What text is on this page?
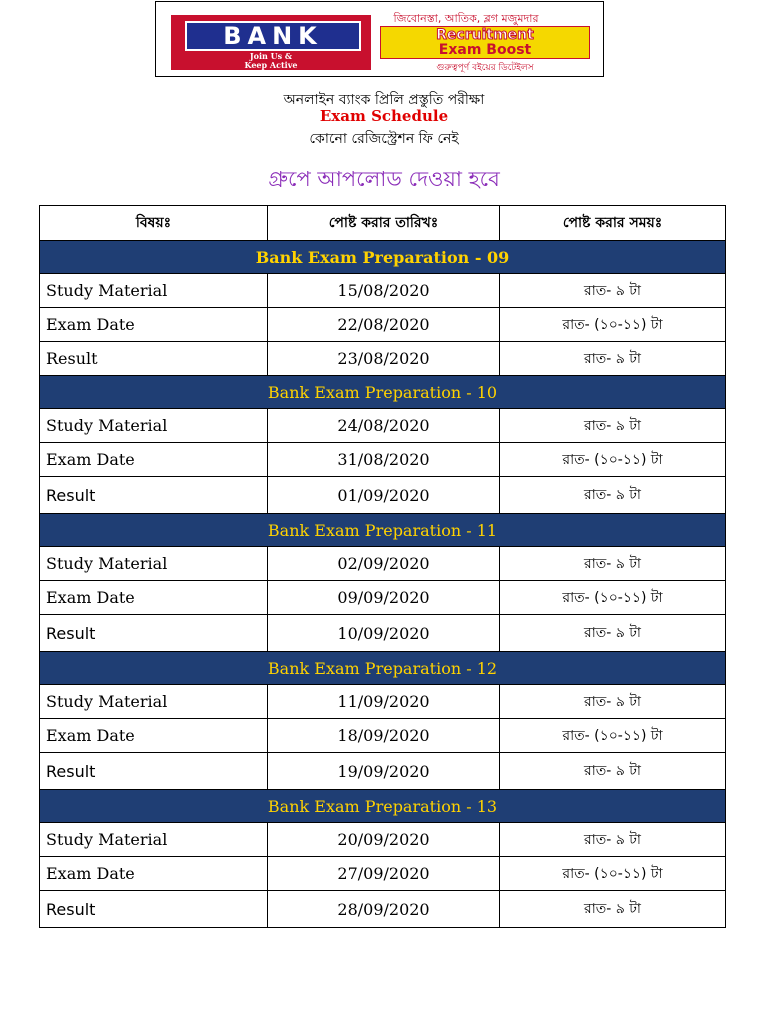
BANK
Join Us &
Keep Active
জিবোনস্তা, আতিক, ব্লগ মজুমদার
Recruitment
Exam Boost
গুরুত্বপূর্ণ বইয়ের ডিটেইলস
অনলাইন ব্যাংক প্রিলি প্রস্তুতি পরীক্ষা
Exam Schedule
কোনো রেজিস্ট্রেশন ফি নেই
গ্রুপে আপলোড দেওয়া হবে
বিষয়ঃ	পোষ্ট করার তারিখঃ	পোষ্ট করার সময়ঃ
Bank Exam Preparation - 09		
Study Material	15/08/2020	রাত- ৯ টা
Exam Date	22/08/2020	রাত- (১০-১১) টা
Result	23/08/2020	রাত- ৯ টা
Bank Exam Preparation - 10		
Study Material	24/08/2020	রাত- ৯ টা
Exam Date	31/08/2020	রাত- (১০-১১) টা
Result	01/09/2020	রাত- ৯ টা
Bank Exam Preparation - 11		
Study Material	02/09/2020	রাত- ৯ টা
Exam Date	09/09/2020	রাত- (১০-১১) টা
Result	10/09/2020	রাত- ৯ টা
Bank Exam Preparation - 12		
Study Material	11/09/2020	রাত- ৯ টা
Exam Date	18/09/2020	রাত- (১০-১১) টা
Result	19/09/2020	রাত- ৯ টা
Bank Exam Preparation - 13		
Study Material	20/09/2020	রাত- ৯ টা
Exam Date	27/09/2020	রাত- (১০-১১) টা
Result	28/09/2020	রাত- ৯ টা
